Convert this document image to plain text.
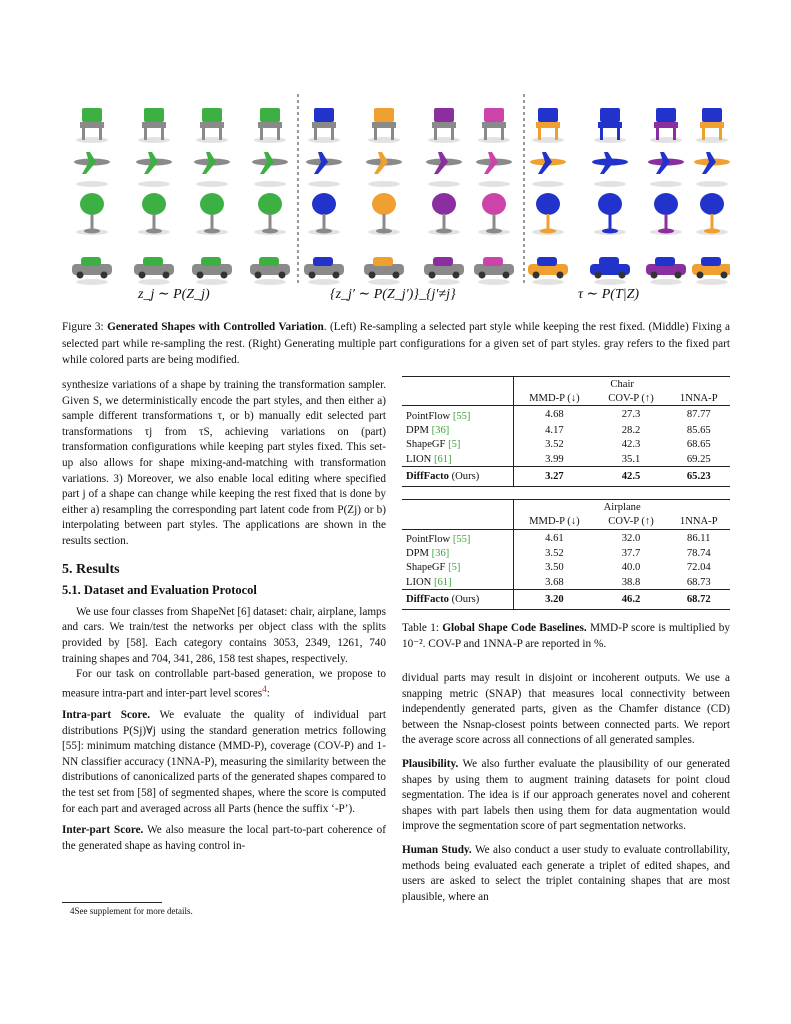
z_j ∼ P(Z_j)	{z_j′ ∼ P(Z_j′)}_{j′≠j}	τ ∼ P(T|Z)
Figure 3: Generated Shapes with Controlled Variation. (Left) Re-sampling a selected part style while keeping the rest fixed. (Middle) Fixing a selected part while re-sampling the rest. (Right) Generating multiple part configurations for a given set of part styles. gray refers to the fixed part while colored parts are being modified.

synthesize variations of a shape by training the transformation sampler. Given S, we deterministically encode the part styles, and then either a) sample different transformations τ, or b) manually edit selected part transformations τj from τS, achieving variations on (part) transformation configurations while keeping part styles fixed. This set-up also allows for shape mixing-and-matching with transformation variations. 3) Moreover, we also enable local editing where specified part j of a shape can change while keeping the rest fixed that is done by either a) resampling the corresponding part latent code from P(Zj) or b) interpolating between part styles. The applications are shown in the results section.

5. Results

5.1. Dataset and Evaluation Protocol

We use four classes from ShapeNet [6] dataset: chair, airplane, lamps and cars. We train/test the networks per object class with the splits provided by [58]. Each category contains 3053, 2349, 1261, 740 training shapes and 704, 341, 286, 158 test shapes, respectively.

For our task on controllable part-based generation, we propose to measure intra-part and inter-part level scores$^4$:

Intra-part Score. We evaluate the quality of individual part distributions P(Sj)∀j using the standard generation metrics following [55]: minimum matching distance (MMD-P), coverage (COV-P) and 1-NN classifier accuracy (1NNA-P), measuring the similarity between the distributions of canonicalized parts of the generated shapes compared to the test set from [58] of segmented shapes, where the score is computed for each part and averaged across all Parts (hence the suffix ‘-P’).

Inter-part Score. We also measure the local part-to-part coherence of the generated shape as having control in-

4See supplement for more details.
	Chair		
	MMD-P (↓)	COV-P (↑)	1NNA-P
PointFlow [55]	4.68	27.3	87.77
DPM [36]	4.17	28.2	85.65
ShapeGF [5]	3.52	42.3	68.65
LION [61]	3.99	35.1	69.25
DiffFacto (Ours)	3.27	42.5	65.23
	Airplane		
	MMD-P (↓)	COV-P (↑)	1NNA-P
PointFlow [55]	4.61	32.0	86.11
DPM [36]	3.52	37.7	78.74
ShapeGF [5]	3.50	40.0	72.04
LION [61]	3.68	38.8	68.73
DiffFacto (Ours)	3.20	46.2	68.72
Table 1: Global Shape Code Baselines. MMD-P score is multiplied by 10⁻². COV-P and 1NNA-P are reported in %.

dividual parts may result in disjoint or incoherent outputs. We use a snapping metric (SNAP) that measures local connectivity between independently generated parts, given as the Chamfer distance (CD) between the Nsnap-closest points between connected parts. We report the average score across all connections of all generated samples.

Plausibility. We also further evaluate the plausibility of our generated shapes by using them to augment training datasets for point cloud segmentation. The idea is if our approach generates novel and coherent shapes with part labels then using them for data augmentation would improve the segmentation score of part segmentation networks.

Human Study. We also conduct a user study to evaluate controllability, methods being evaluated each generate a triplet of edited shapes, and users are asked to select the triplet containing shapes that are most plausible, where an
